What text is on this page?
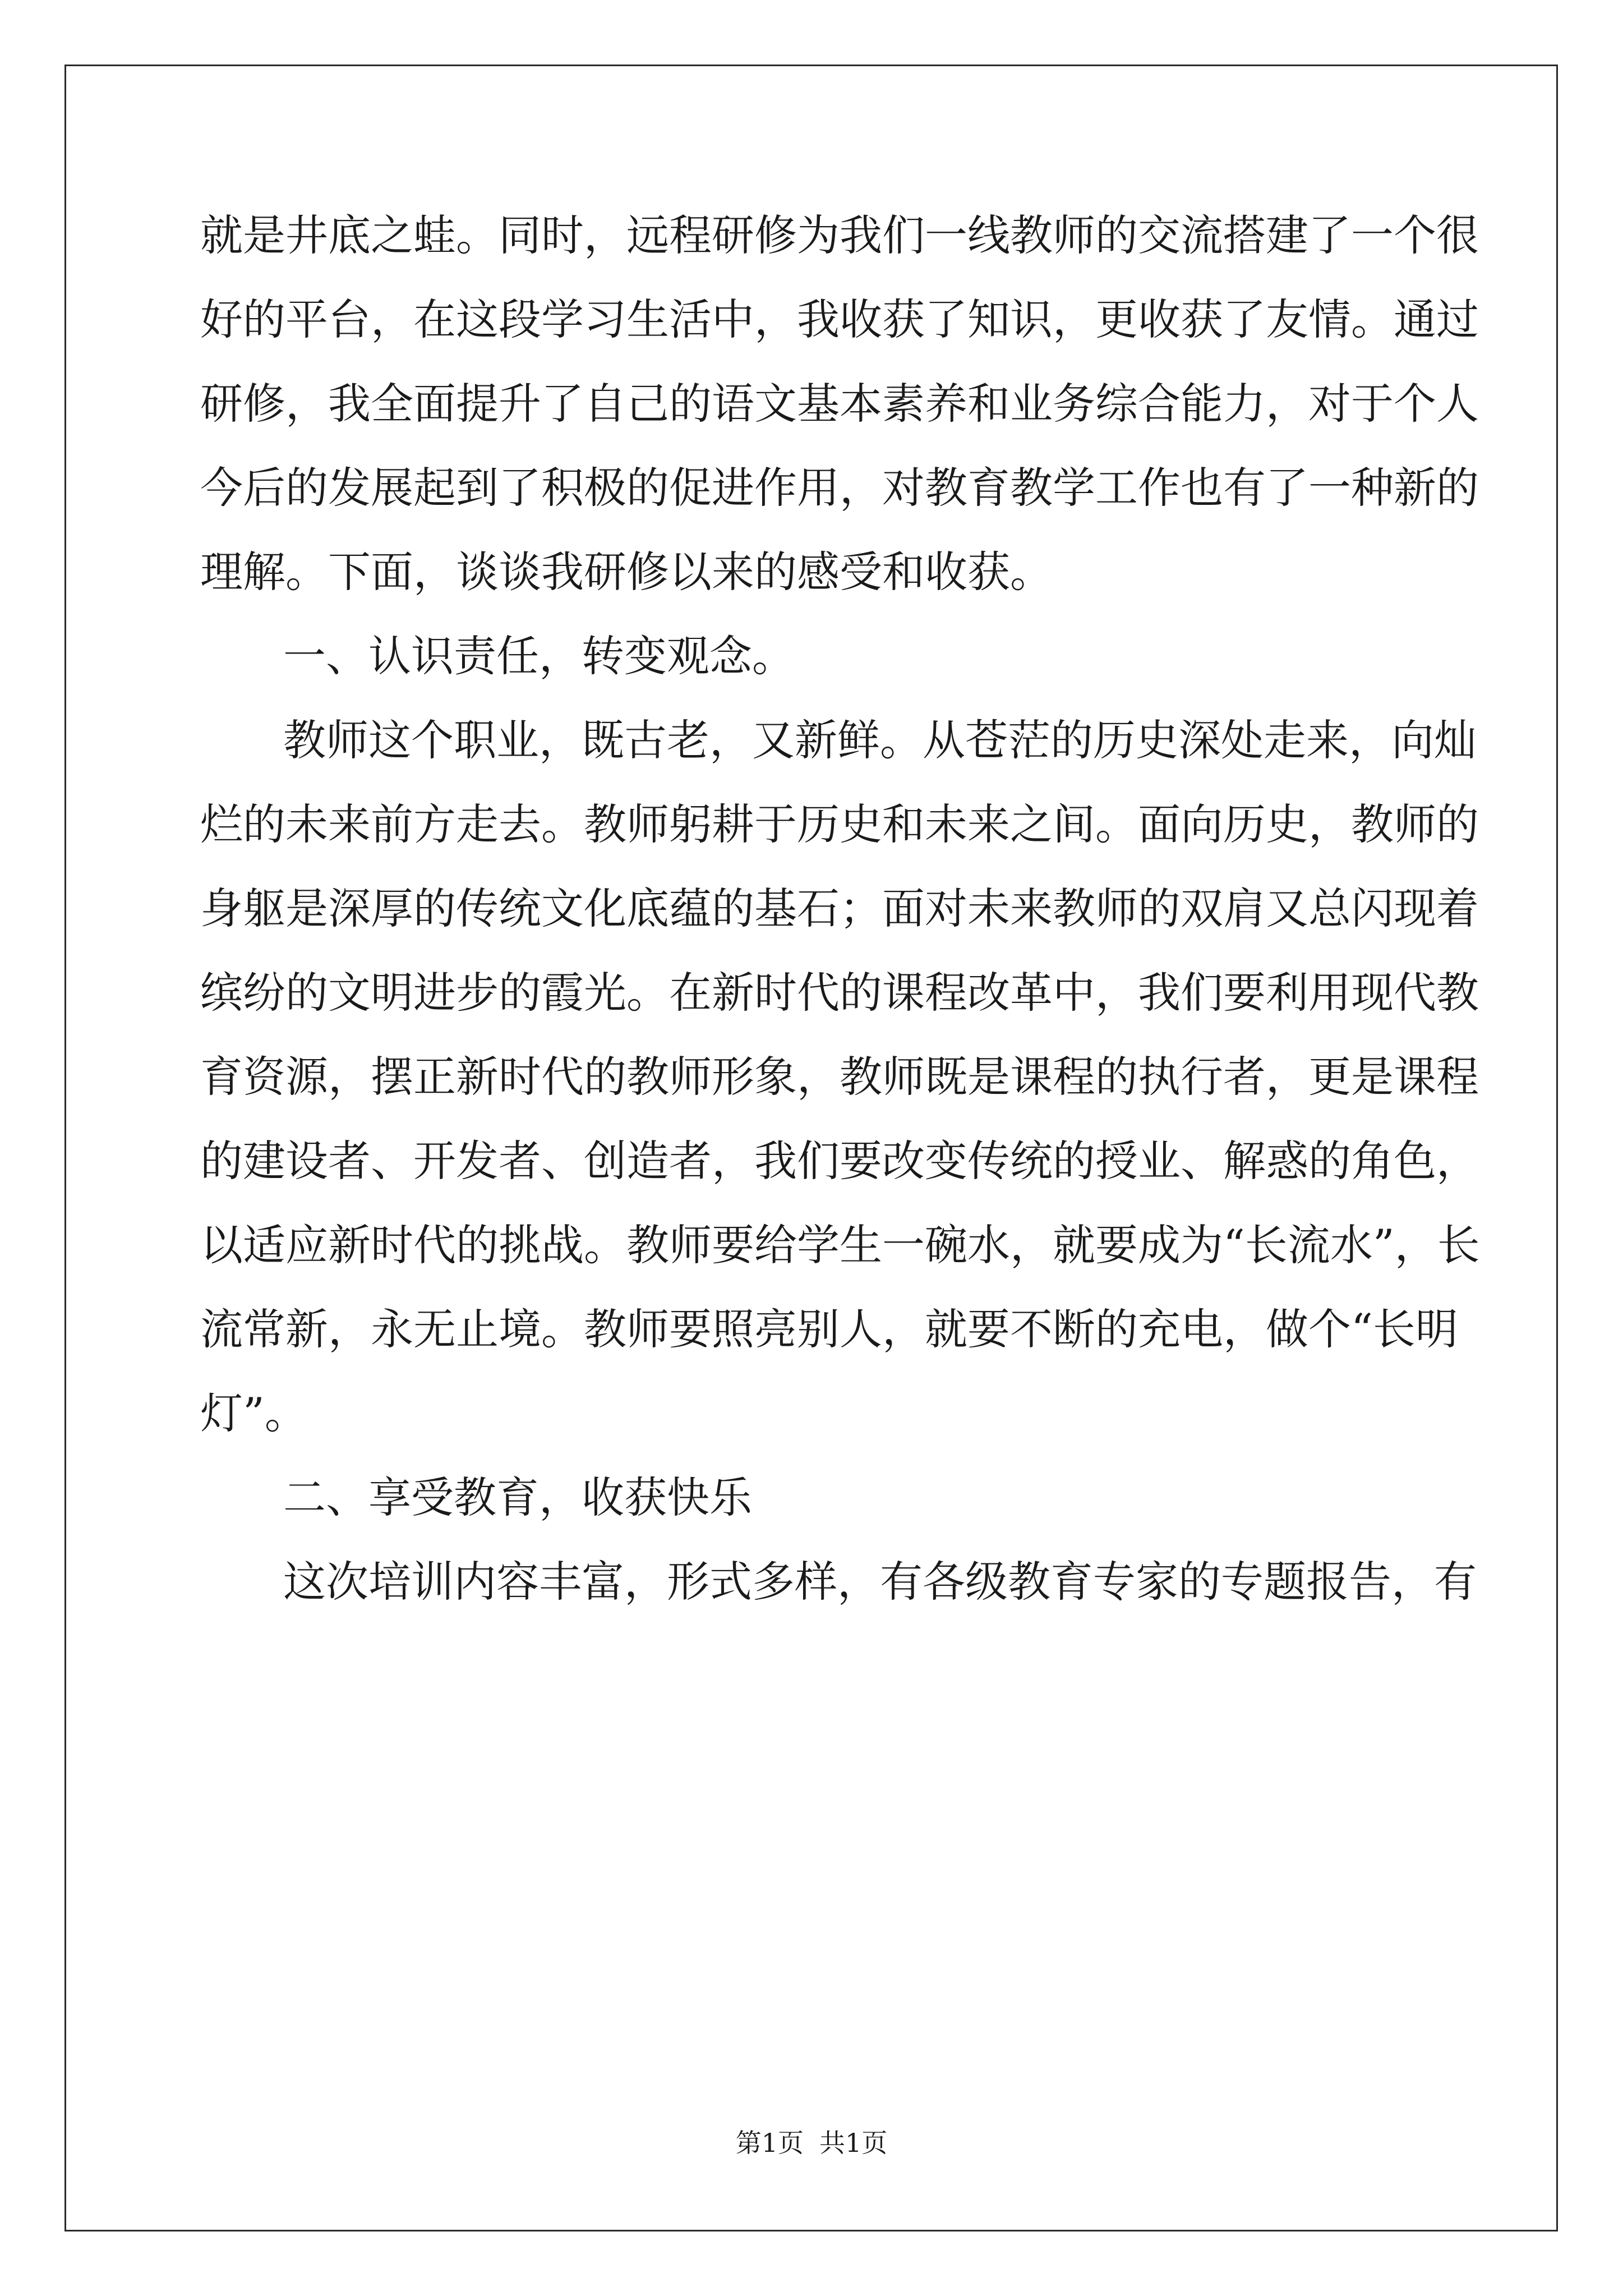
就是井底之蛙。同时，远程研修为我们一线教师的交流搭建了一个很
好的平台，在这段学习生活中，我收获了知识，更收获了友情。通过
研修，我全面提升了自己的语文基本素养和业务综合能力，对于个人
今后的发展起到了积极的促进作用，对教育教学工作也有了一种新的
理解。下面，谈谈我研修以来的感受和收获。
一、认识责任，转变观念。
教师这个职业，既古老，又新鲜。从苍茫的历史深处走来，向灿
烂的未来前方走去。教师躬耕于历史和未来之间。面向历史，教师的
身躯是深厚的传统文化底蕴的基石；面对未来教师的双肩又总闪现着
缤纷的文明进步的霞光。在新时代的课程改革中，我们要利用现代教
育资源，摆正新时代的教师形象，教师既是课程的执行者，更是课程
的建设者、开发者、创造者，我们要改变传统的授业、解惑的角色，
以适应新时代的挑战。教师要给学生一碗水，就要成为“长流水”，长
流常新，永无止境。教师要照亮别人，就要不断的充电，做个“长明
灯”。
二、享受教育，收获快乐
这次培训内容丰富，形式多样，有各级教育专家的专题报告，有
第1页 共1页
